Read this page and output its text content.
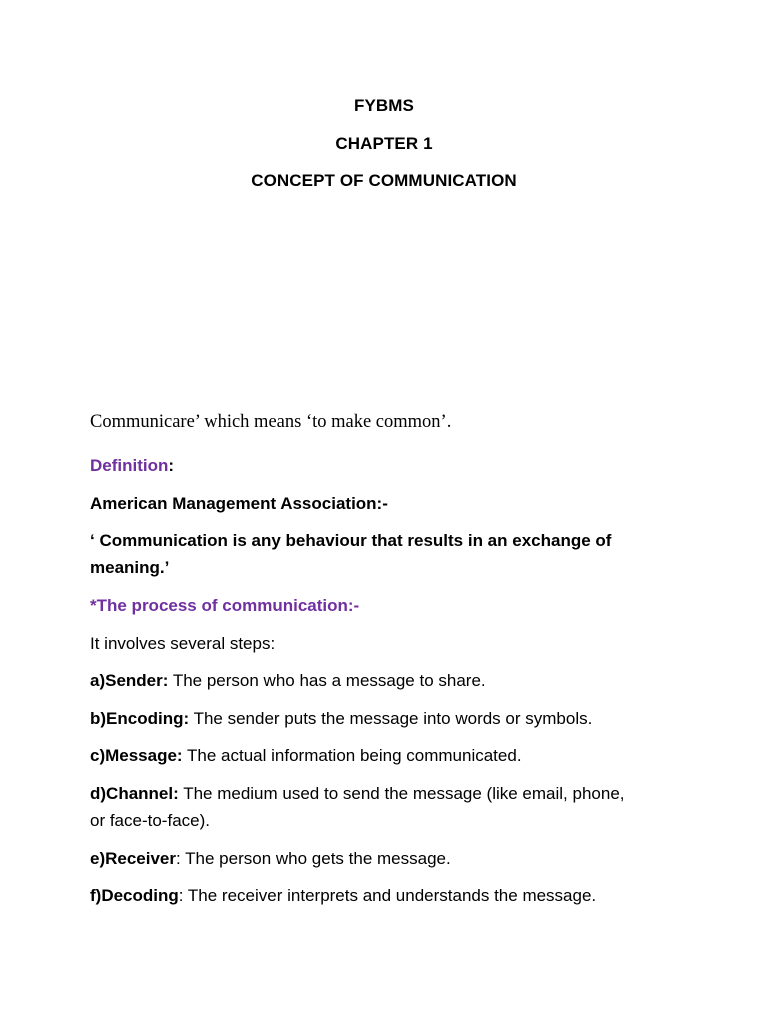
FYBMS
CHAPTER 1
CONCEPT OF COMMUNICATION
Communicare’ which means ‘to make common’.
Definition:
American Management Association:-
‘ Communication is any behaviour that results in an exchange of
meaning.’
*The process of communication:-
It involves several steps:
a)Sender: The person who has a message to share.
b)Encoding: The sender puts the message into words or symbols.
c)Message: The actual information being communicated.
d)Channel: The medium used to send the message (like email, phone,
or face-to-face).
e)Receiver: The person who gets the message.
f)Decoding: The receiver interprets and understands the message.
